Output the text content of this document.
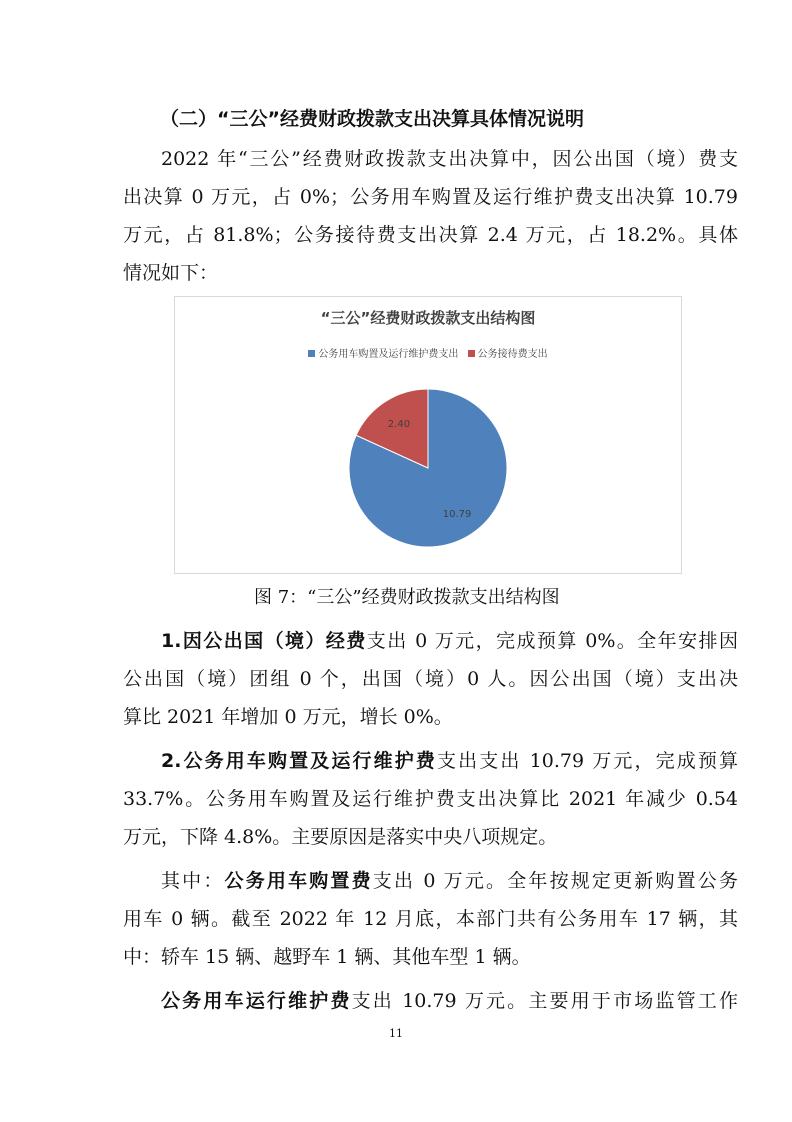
（二）“三公”经费财政拨款支出决算具体情况说明
2022 年“三公”经费财政拨款支出决算中，因公出国（境）费支
出决算 0 万元，占 0%；公务用车购置及运行维护费支出决算 10.79
万元，占 81.8%；公务接待费支出决算 2.4 万元，占 18.2%。具体
情况如下：
“三公”经费财政拨款支出结构图
公务用车购置及运行维护费支出 公务接待费支出
10.79
2.40
图 7：“三公”经费财政拨款支出结构图
1.因公出国（境）经费支出 0 万元，完成预算 0%。全年安排因
公出国（境）团组 0 个，出国（境）0 人。因公出国（境）支出决
算比 2021 年增加 0 万元，增长 0%。
2.公务用车购置及运行维护费支出支出 10.79 万元，完成预算
33.7%。公务用车购置及运行维护费支出决算比 2021 年减少 0.54
万元，下降 4.8%。主要原因是落实中央八项规定。
其中：公务用车购置费支出 0 万元。全年按规定更新购置公务
用车 0 辆。截至 2022 年 12 月底，本部门共有公务用车 17 辆，其
中：轿车 15 辆、越野车 1 辆、其他车型 1 辆。
公务用车运行维护费支出 10.79 万元。主要用于市场监管工作
11
